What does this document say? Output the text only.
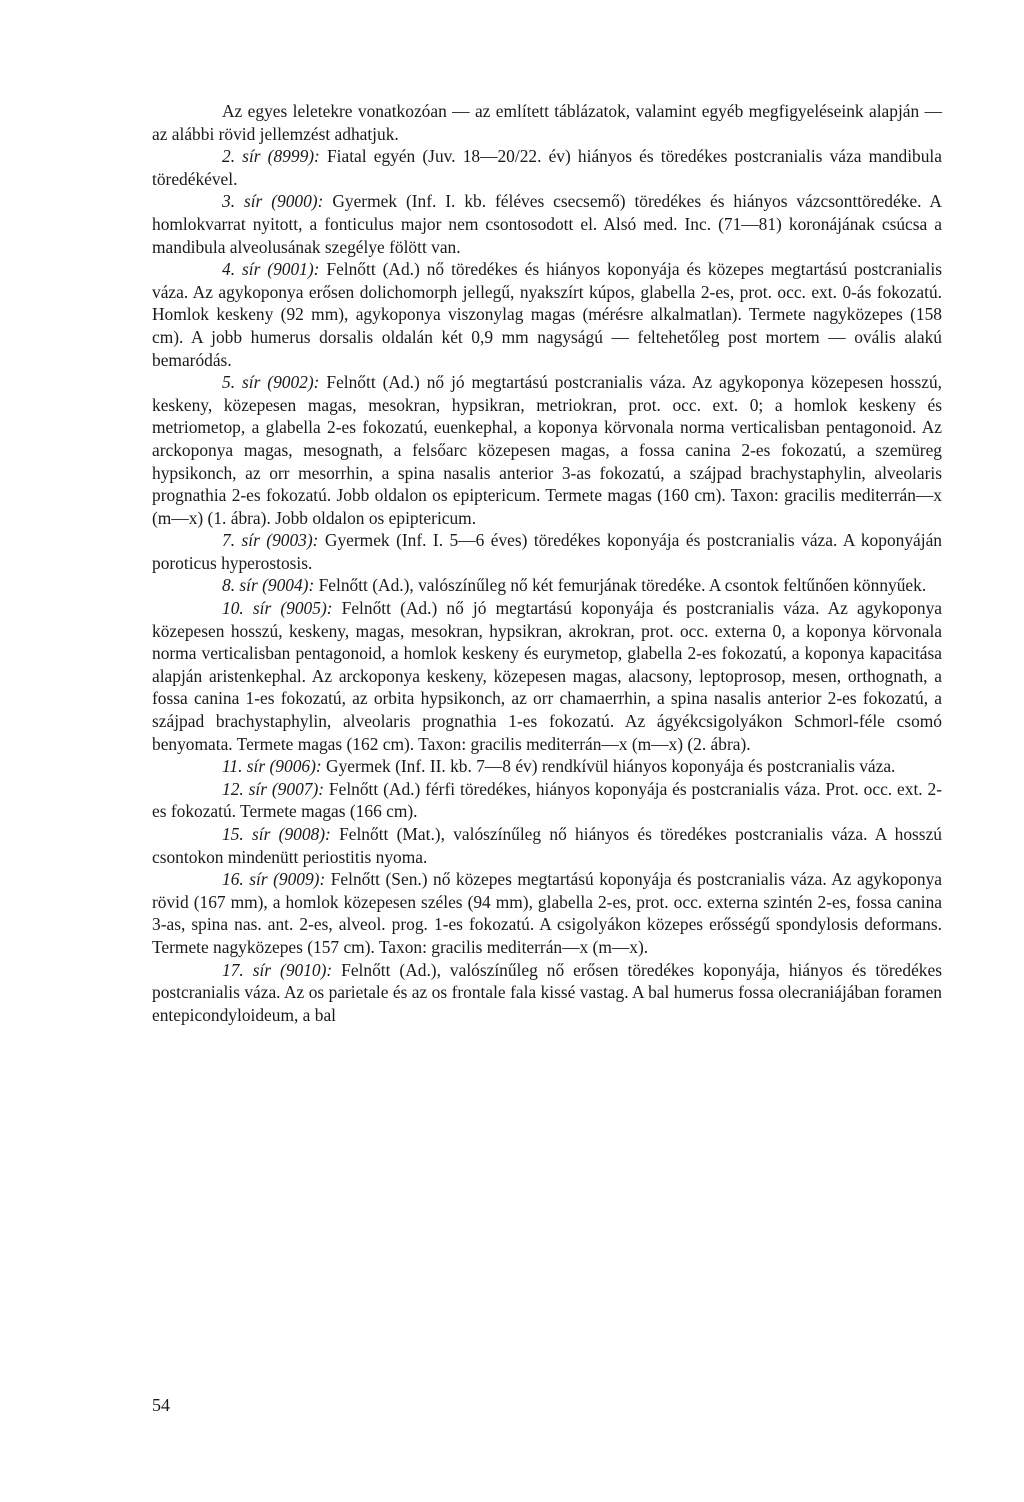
Az egyes leletekre vonatkozóan — az említett táblázatok, valamint egyéb megfigyeléseink alapján — az alábbi rövid jellemzést adhatjuk.

2. sír (8999): Fiatal egyén (Juv. 18—20/22. év) hiányos és töredékes postcranialis váza mandibula töredékével.

3. sír (9000): Gyermek (Inf. I. kb. féléves csecsemő) töredékes és hiányos vázcsonttöredéke. A homlokvarrat nyitott, a fonticulus major nem csontosodott el. Alsó med. Inc. (71—81) koronájának csúcsa a mandibula alveolusának szegélye fölött van.

4. sír (9001): Felnőtt (Ad.) nő töredékes és hiányos koponyája és közepes megtartású postcranialis váza. Az agykoponya erősen dolichomorph jellegű, nyakszírt kúpos, glabella 2-es, prot. occ. ext. 0-ás fokozatú. Homlok keskeny (92 mm), agykoponya viszonylag magas (mérésre alkalmatlan). Termete nagyközepes (158 cm). A jobb humerus dorsalis oldalán két 0,9 mm nagyságú — feltehetőleg post mortem — ovális alakú bemaródás.

5. sír (9002): Felnőtt (Ad.) nő jó megtartású postcranialis váza. Az agykoponya közepesen hosszú, keskeny, közepesen magas, mesokran, hypsikran, metriokran, prot. occ. ext. 0; a homlok keskeny és metriometop, a glabella 2-es fokozatú, euenkephal, a koponya körvonala norma verticalisban pentagonoid. Az arckoponya magas, mesognath, a felsőarc közepesen magas, a fossa canina 2-es fokozatú, a szemüreg hypsikonch, az orr mesorrhin, a spina nasalis anterior 3-as fokozatú, a szájpad brachystaphylin, alveolaris prognathia 2-es fokozatú. Jobb oldalon os epiptericum. Termete magas (160 cm). Taxon: gracilis mediterrán—x (m—x) (1. ábra). Jobb oldalon os epiptericum.

7. sír (9003): Gyermek (Inf. I. 5—6 éves) töredékes koponyája és postcranialis váza. A koponyáján poroticus hyperostosis.

8. sír (9004): Felnőtt (Ad.), valószínűleg nő két femurjának töredéke. A csontok feltűnően könnyűek.

10. sír (9005): Felnőtt (Ad.) nő jó megtartású koponyája és postcranialis váza. Az agykoponya közepesen hosszú, keskeny, magas, mesokran, hypsikran, akrokran, prot. occ. externa 0, a koponya körvonala norma verticalisban pentagonoid, a homlok keskeny és eurymetop, glabella 2-es fokozatú, a koponya kapacitása alapján aristenkephal. Az arckoponya keskeny, közepesen magas, alacsony, leptoprosop, mesen, orthognath, a fossa canina 1-es fokozatú, az orbita hypsikonch, az orr chamaerrhin, a spina nasalis anterior 2-es fokozatú, a szájpad brachystaphylin, alveolaris prognathia 1-es fokozatú. Az ágyékcsigolyákon Schmorl-féle csomó benyomata. Termete magas (162 cm). Taxon: gracilis mediterrán—x (m—x) (2. ábra).

11. sír (9006): Gyermek (Inf. II. kb. 7—8 év) rendkívül hiányos koponyája és postcranialis váza.

12. sír (9007): Felnőtt (Ad.) férfi töredékes, hiányos koponyája és postcranialis váza. Prot. occ. ext. 2-es fokozatú. Termete magas (166 cm).

15. sír (9008): Felnőtt (Mat.), valószínűleg nő hiányos és töredékes postcranialis váza. A hosszú csontokon mindenütt periostitis nyoma.

16. sír (9009): Felnőtt (Sen.) nő közepes megtartású koponyája és postcranialis váza. Az agykoponya rövid (167 mm), a homlok közepesen széles (94 mm), glabella 2-es, prot. occ. externa szintén 2-es, fossa canina 3-as, spina nas. ant. 2-es, alveol. prog. 1-es fokozatú. A csigolyákon közepes erősségű spondylosis deformans. Termete nagyközepes (157 cm). Taxon: gracilis mediterrán—x (m—x).

17. sír (9010): Felnőtt (Ad.), valószínűleg nő erősen töredékes koponyája, hiányos és töredékes postcranialis váza. Az os parietale és az os frontale fala kissé vastag. A bal humerus fossa olecraniájában foramen entepicondyloideum, a bal

54
